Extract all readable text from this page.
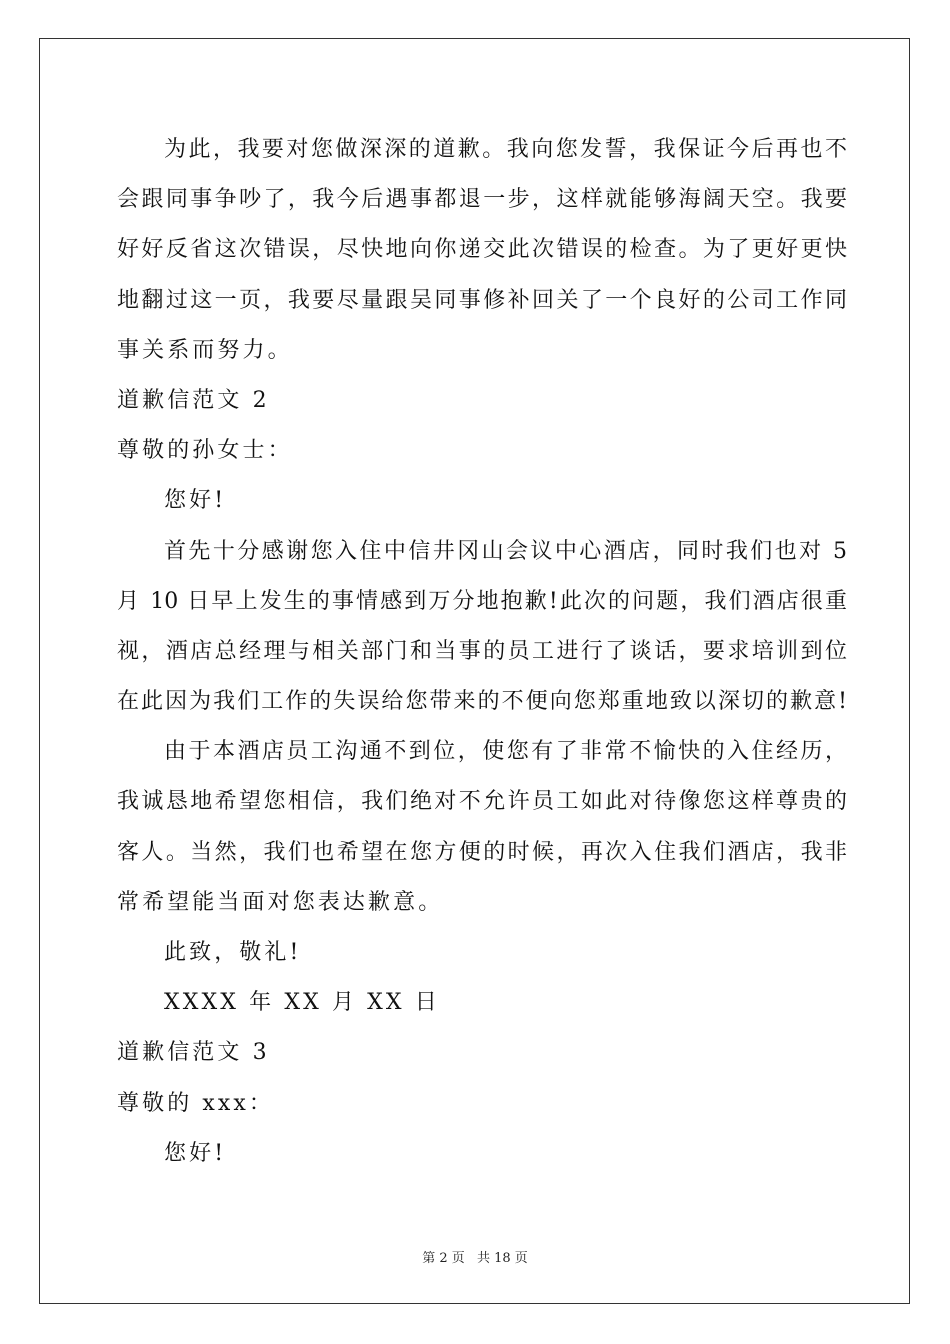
为此，我要对您做深深的道歉。我向您发誓，我保证今后再也不
会跟同事争吵了，我今后遇事都退一步，这样就能够海阔天空。我要
好好反省这次错误，尽快地向你递交此次错误的检查。为了更好更快
地翻过这一页，我要尽量跟吴同事修补回关了一个良好的公司工作同
事关系而努力。
道歉信范文 2
尊敬的孙女士：
您好!
首先十分感谢您入住中信井冈山会议中心酒店，同时我们也对 5
月 10 日早上发生的事情感到万分地抱歉!此次的问题，我们酒店很重
视，酒店总经理与相关部门和当事的员工进行了谈话，要求培训到位
在此因为我们工作的失误给您带来的不便向您郑重地致以深切的歉意!
由于本酒店员工沟通不到位，使您有了非常不愉快的入住经历，
我诚恳地希望您相信，我们绝对不允许员工如此对待像您这样尊贵的
客人。当然，我们也希望在您方便的时候，再次入住我们酒店，我非
常希望能当面对您表达歉意。
此致，敬礼!
XXXX 年 XX 月 XX 日
道歉信范文 3
尊敬的 xxx：
您好!
第 2 页 共 18 页
